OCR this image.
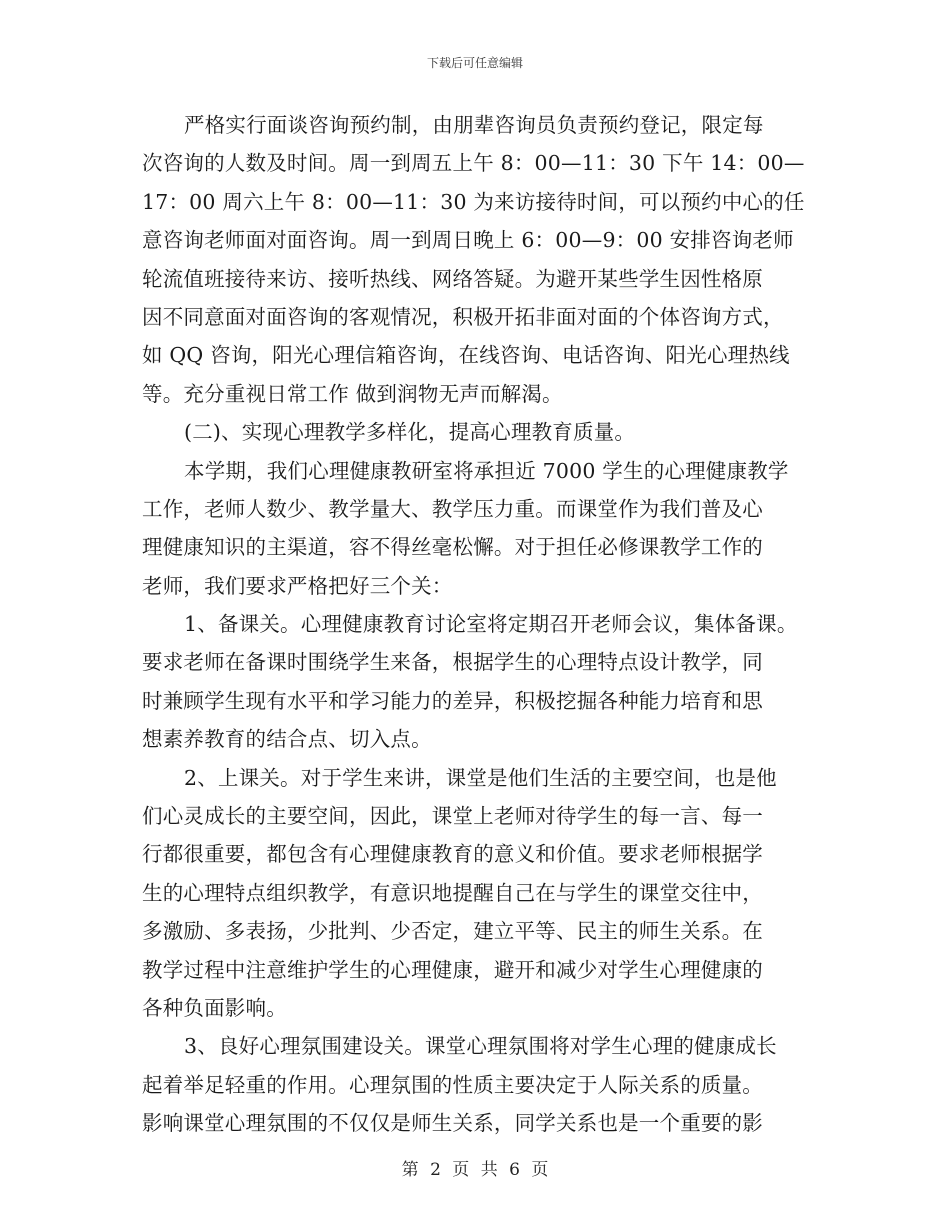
下载后可任意编辑
严格实行面谈咨询预约制，由朋辈咨询员负责预约登记，限定每
次咨询的人数及时间。周一到周五上午 8：00—11：30 下午 14：00—
17：00 周六上午 8：00—11：30 为来访接待时间，可以预约中心的任
意咨询老师面对面咨询。周一到周日晚上 6：00—9：00 安排咨询老师
轮流值班接待来访、接听热线、网络答疑。为避开某些学生因性格原
因不同意面对面咨询的客观情况，积极开拓非面对面的个体咨询方式，
如 QQ 咨询，阳光心理信箱咨询，在线咨询、电话咨询、阳光心理热线
等。充分重视日常工作 做到润物无声而解渴。
(二)、实现心理教学多样化，提高心理教育质量。
本学期，我们心理健康教研室将承担近 7000 学生的心理健康教学
工作，老师人数少、教学量大、教学压力重。而课堂作为我们普及心
理健康知识的主渠道，容不得丝毫松懈。对于担任必修课教学工作的
老师，我们要求严格把好三个关：
1、备课关。心理健康教育讨论室将定期召开老师会议，集体备课。
要求老师在备课时围绕学生来备，根据学生的心理特点设计教学，同
时兼顾学生现有水平和学习能力的差异，积极挖掘各种能力培育和思
想素养教育的结合点、切入点。
2、上课关。对于学生来讲，课堂是他们生活的主要空间，也是他
们心灵成长的主要空间，因此，课堂上老师对待学生的每一言、每一
行都很重要，都包含有心理健康教育的意义和价值。要求老师根据学
生的心理特点组织教学，有意识地提醒自己在与学生的课堂交往中，
多激励、多表扬，少批判、少否定，建立平等、民主的师生关系。在
教学过程中注意维护学生的心理健康，避开和减少对学生心理健康的
各种负面影响。
3、良好心理氛围建设关。课堂心理氛围将对学生心理的健康成长
起着举足轻重的作用。心理氛围的性质主要决定于人际关系的质量。
影响课堂心理氛围的不仅仅是师生关系，同学关系也是一个重要的影
第 2 页 共 6 页
